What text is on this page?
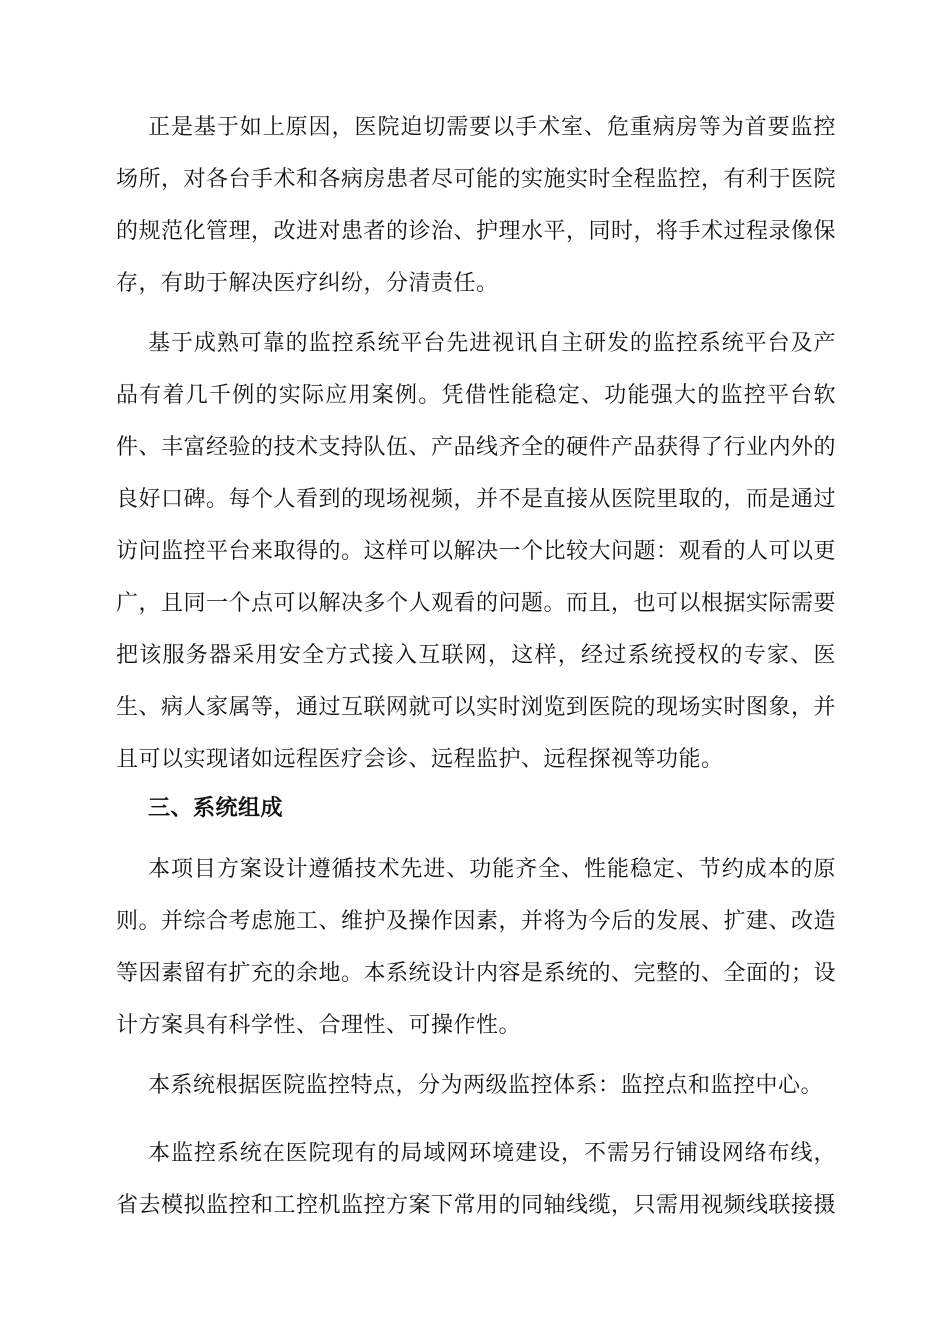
正是基于如上原因，医院迫切需要以手术室、危重病房等为首要监控
场所，对各台手术和各病房患者尽可能的实施实时全程监控，有利于医院
的规范化管理，改进对患者的诊治、护理水平，同时，将手术过程录像保
存，有助于解决医疗纠纷，分清责任。
基于成熟可靠的监控系统平台先进视讯自主研发的监控系统平台及产
品有着几千例的实际应用案例。凭借性能稳定、功能强大的监控平台软
件、丰富经验的技术支持队伍、产品线齐全的硬件产品获得了行业内外的
良好口碑。每个人看到的现场视频，并不是直接从医院里取的，而是通过
访问监控平台来取得的。这样可以解决一个比较大问题：观看的人可以更
广，且同一个点可以解决多个人观看的问题。而且，也可以根据实际需要
把该服务器采用安全方式接入互联网，这样，经过系统授权的专家、医
生、病人家属等，通过互联网就可以实时浏览到医院的现场实时图象，并
且可以实现诸如远程医疗会诊、远程监护、远程探视等功能。
三、系统组成
本项目方案设计遵循技术先进、功能齐全、性能稳定、节约成本的原
则。并综合考虑施工、维护及操作因素，并将为今后的发展、扩建、改造
等因素留有扩充的余地。本系统设计内容是系统的、完整的、全面的；设
计方案具有科学性、合理性、可操作性。
本系统根据医院监控特点，分为两级监控体系：监控点和监控中心。
本监控系统在医院现有的局域网环境建设，不需另行铺设网络布线，
省去模拟监控和工控机监控方案下常用的同轴线缆，只需用视频线联接摄
